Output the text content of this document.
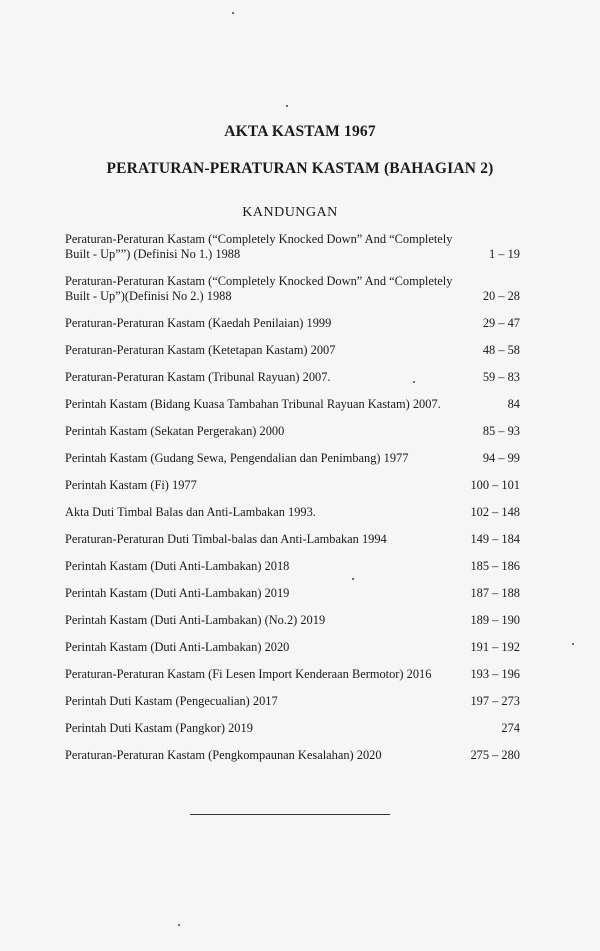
AKTA KASTAM 1967
PERATURAN-PERATURAN KASTAM (BAHAGIAN 2)
KANDUNGAN
Peraturan-Peraturan Kastam (“Completely Knocked Down” And “Completely Built - Up””) (Definisi No 1.) 1988	1 – 19
Peraturan-Peraturan Kastam (“Completely Knocked Down” And “Completely Built - Up”)(Definisi No 2.) 1988	20 – 28
Peraturan-Peraturan Kastam (Kaedah Penilaian) 1999	29 – 47
Peraturan-Peraturan Kastam (Ketetapan Kastam) 2007	48 – 58
Peraturan-Peraturan Kastam (Tribunal Rayuan) 2007.	59 – 83
Perintah Kastam (Bidang Kuasa Tambahan Tribunal Rayuan Kastam) 2007.	84
Perintah Kastam (Sekatan Pergerakan) 2000	85 – 93
Perintah Kastam (Gudang Sewa, Pengendalian dan Penimbang) 1977	94 – 99
Perintah Kastam (Fi) 1977	100 – 101
Akta Duti Timbal Balas dan Anti-Lambakan 1993.	102 – 148
Peraturan-Peraturan Duti Timbal-balas dan Anti-Lambakan 1994	149 – 184
Perintah Kastam (Duti Anti-Lambakan) 2018	185 – 186
Perintah Kastam (Duti Anti-Lambakan) 2019	187 – 188
Perintah Kastam (Duti Anti-Lambakan) (No.2) 2019	189 – 190
Perintah Kastam (Duti Anti-Lambakan) 2020	191 – 192
Peraturan-Peraturan Kastam (Fi Lesen Import Kenderaan Bermotor) 2016	193 – 196
Perintah Duti Kastam (Pengecualian) 2017	197 – 273
Perintah Duti Kastam (Pangkor) 2019	274
Peraturan-Peraturan Kastam (Pengkompaunan Kesalahan) 2020	275 – 280
